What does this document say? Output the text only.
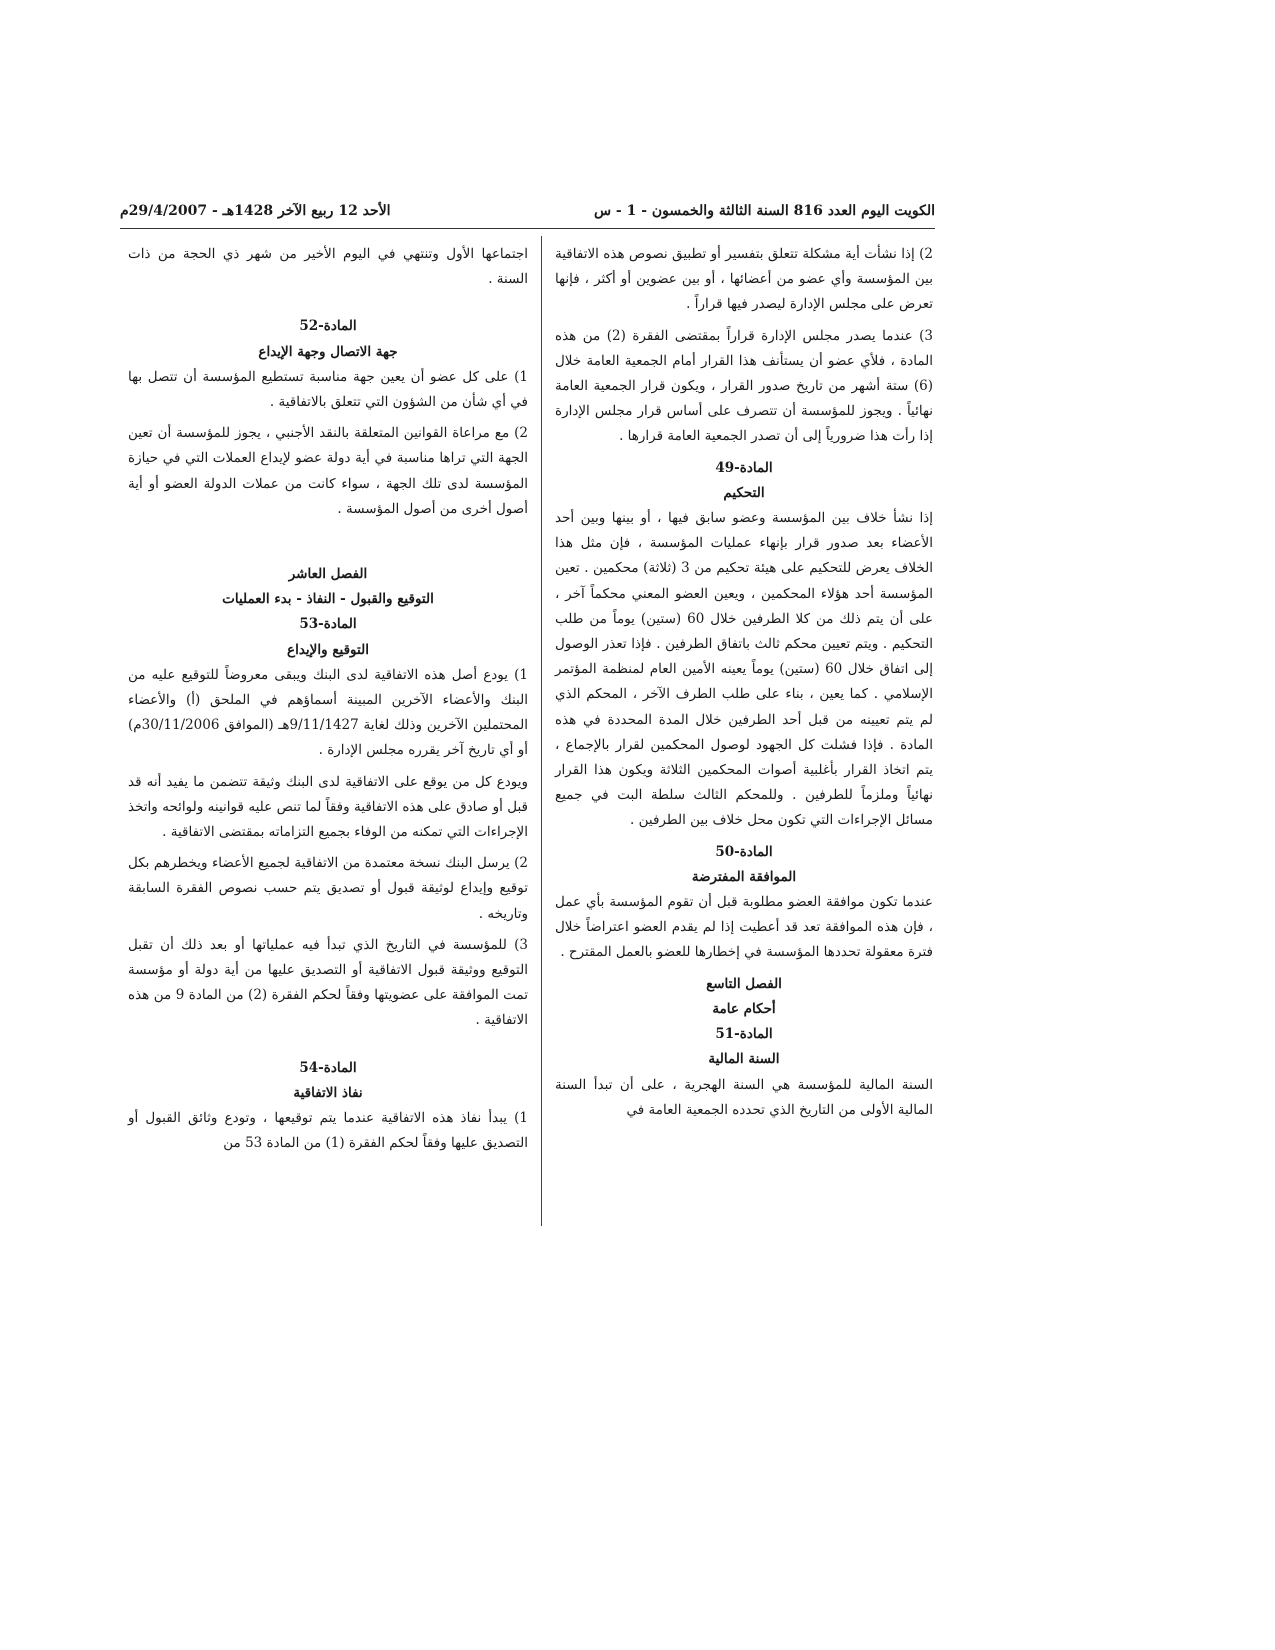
الأحد 12 ربيع الآخر 1428هـ - 29/4/2007م	الكويت اليوم العدد 816 السنة الثالثة والخمسون - 1 - س

2) إذا نشأت أية مشكلة تتعلق بتفسير أو تطبيق نصوص هذه الاتفاقية بين المؤسسة وأي عضو من أعضائها ، أو بين عضوين أو أكثر ، فإنها تعرض على مجلس الإدارة ليصدر فيها قراراً .

3) عندما يصدر مجلس الإدارة قراراً بمقتضى الفقرة (2) من هذه المادة ، فلأي عضو أن يستأنف هذا القرار أمام الجمعية العامة خلال (6) ستة أشهر من تاريخ صدور القرار ، ويكون قرار الجمعية العامة نهائياً . ويجوز للمؤسسة أن تتصرف على أساس قرار مجلس الإدارة إذا رأت هذا ضرورياً إلى أن تصدر الجمعية العامة قرارها .

المادة-49

التحكيم

إذا نشأ خلاف بين المؤسسة وعضو سابق فيها ، أو بينها وبين أحد الأعضاء بعد صدور قرار بإنهاء عمليات المؤسسة ، فإن مثل هذا الخلاف يعرض للتحكيم على هيئة تحكيم من 3 (ثلاثة) محكمين . تعين المؤسسة أحد هؤلاء المحكمين ، ويعين العضو المعني محكماً آخر ، على أن يتم ذلك من كلا الطرفين خلال 60 (ستين) يوماً من طلب التحكيم . ويتم تعيين محكم ثالث باتفاق الطرفين . فإذا تعذر الوصول إلى اتفاق خلال 60 (ستين) يوماً يعينه الأمين العام لمنظمة المؤتمر الإسلامي . كما يعين ، بناء على طلب الطرف الآخر ، المحكم الذي لم يتم تعيينه من قبل أحد الطرفين خلال المدة المحددة في هذه المادة . فإذا فشلت كل الجهود لوصول المحكمين لقرار بالإجماع ، يتم اتخاذ القرار بأغلبية أصوات المحكمين الثلاثة ويكون هذا القرار نهائياً وملزماً للطرفين . وللمحكم الثالث سلطة البت في جميع مسائل الإجراءات التي تكون محل خلاف بين الطرفين .

المادة-50

الموافقة المفترضة

عندما تكون موافقة العضو مطلوبة قبل أن تقوم المؤسسة بأي عمل ، فإن هذه الموافقة تعد قد أعطيت إذا لم يقدم العضو اعتراضاً خلال فترة معقولة تحددها المؤسسة في إخطارها للعضو بالعمل المقترح .

الفصل التاسع

أحكام عامة

المادة-51

السنة المالية

السنة المالية للمؤسسة هي السنة الهجرية ، على أن تبدأ السنة المالية الأولى من التاريخ الذي تحدده الجمعية العامة في

اجتماعها الأول وتنتهي في اليوم الأخير من شهر ذي الحجة من ذات السنة .

المادة-52

جهة الاتصال وجهة الإيداع

1) على كل عضو أن يعين جهة مناسبة تستطيع المؤسسة أن تتصل بها في أي شأن من الشؤون التي تتعلق بالاتفاقية .

2) مع مراعاة القوانين المتعلقة بالنقد الأجنبي ، يجوز للمؤسسة أن تعين الجهة التي تراها مناسبة في أية دولة عضو لإيداع العملات التي في حيازة المؤسسة لدى تلك الجهة ، سواء كانت من عملات الدولة العضو أو أية أصول أخرى من أصول المؤسسة .

الفصل العاشر

التوقيع والقبول - النفاذ - بدء العمليات

المادة-53

التوقيع والإيداع

1) يودع أصل هذه الاتفاقية لدى البنك ويبقى معروضاً للتوقيع عليه من البنك والأعضاء الآخرين المبينة أسماؤهم في الملحق (أ) والأعضاء المحتملين الآخرين وذلك لغاية 9/11/1427هـ (الموافق 30/11/2006م) أو أي تاريخ آخر يقرره مجلس الإدارة .

ويودع كل من يوقع على الاتفاقية لدى البنك وثيقة تتضمن ما يفيد أنه قد قبل أو صادق على هذه الاتفاقية وفقاً لما تنص عليه قوانينه ولوائحه واتخذ الإجراءات التي تمكنه من الوفاء بجميع التزاماته بمقتضى الاتفاقية .

2) يرسل البنك نسخة معتمدة من الاتفاقية لجميع الأعضاء ويخطرهم بكل توقيع وإيداع لوثيقة قبول أو تصديق يتم حسب نصوص الفقرة السابقة وتاريخه .

3) للمؤسسة في التاريخ الذي تبدأ فيه عملياتها أو بعد ذلك أن تقبل التوقيع ووثيقة قبول الاتفاقية أو التصديق عليها من أية دولة أو مؤسسة تمت الموافقة على عضويتها وفقاً لحكم الفقرة (2) من المادة 9 من هذه الاتفاقية .

المادة-54

نفاذ الاتفاقية

1) يبدأ نفاذ هذه الاتفاقية عندما يتم توقيعها ، وتودع وثائق القبول أو التصديق عليها وفقاً لحكم الفقرة (1) من المادة 53 من
